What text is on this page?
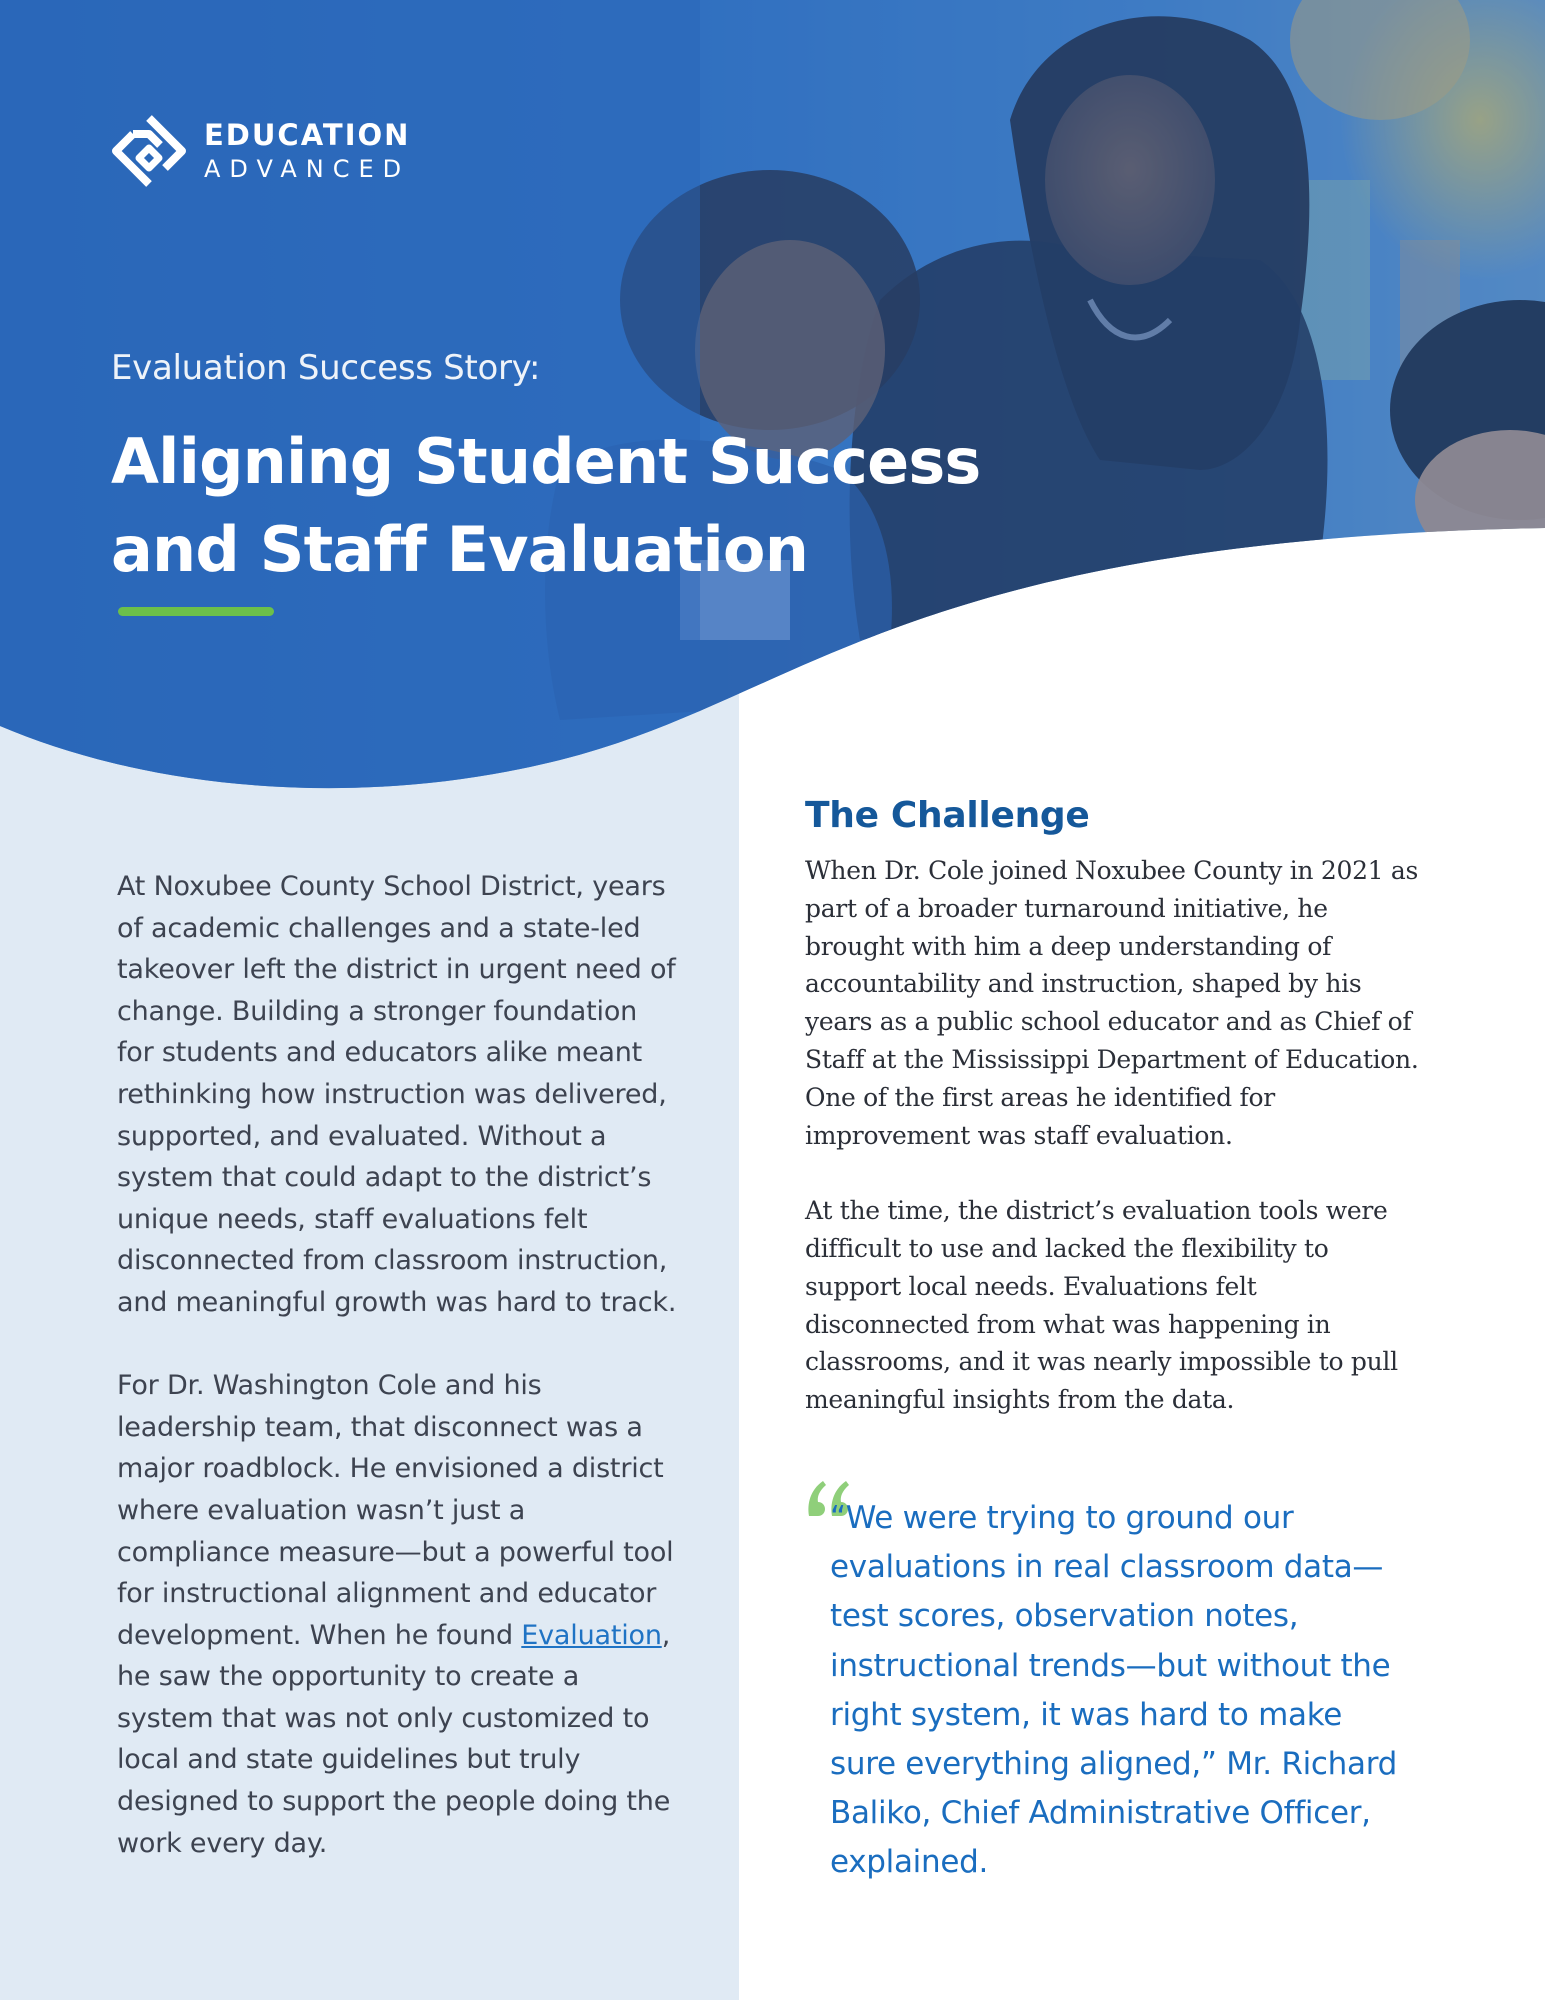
EDUCATION
ADVANCED
Evaluation Success Story:
Aligning Student Success
and Staff Evaluation

At Noxubee County School District, years of academic challenges and a state-led takeover left the district in urgent need of change. Building a stronger foundation for students and educators alike meant rethinking how instruction was delivered, supported, and evaluated. Without a system that could adapt to the district’s unique needs, staff evaluations felt disconnected from classroom instruction, and meaningful growth was hard to track.

For Dr. Washington Cole and his leadership team, that disconnect was a major roadblock. He envisioned a district where evaluation wasn’t just a compliance measure—but a powerful tool for instructional alignment and educator development. When he found Evaluation, he saw the opportunity to create a system that was not only customized to local and state guidelines but truly designed to support the people doing the work every day.

The Challenge

When Dr. Cole joined Noxubee County in 2021 as part of a broader turnaround initiative, he brought with him a deep understanding of accountability and instruction, shaped by his years as a public school educator and as Chief of Staff at the Mississippi Department of Education. One of the first areas he identified for improvement was staff evaluation.

At the time, the district’s evaluation tools were difficult to use and lacked the flexibility to support local needs. Evaluations felt disconnected from what was happening in classrooms, and it was nearly impossible to pull meaningful insights from the data.

“We were trying to ground our evaluations in real classroom data—test scores, observation notes, instructional trends—but without the right system, it was hard to make sure everything aligned,” Mr. Richard Baliko, Chief Administrative Officer, explained.
